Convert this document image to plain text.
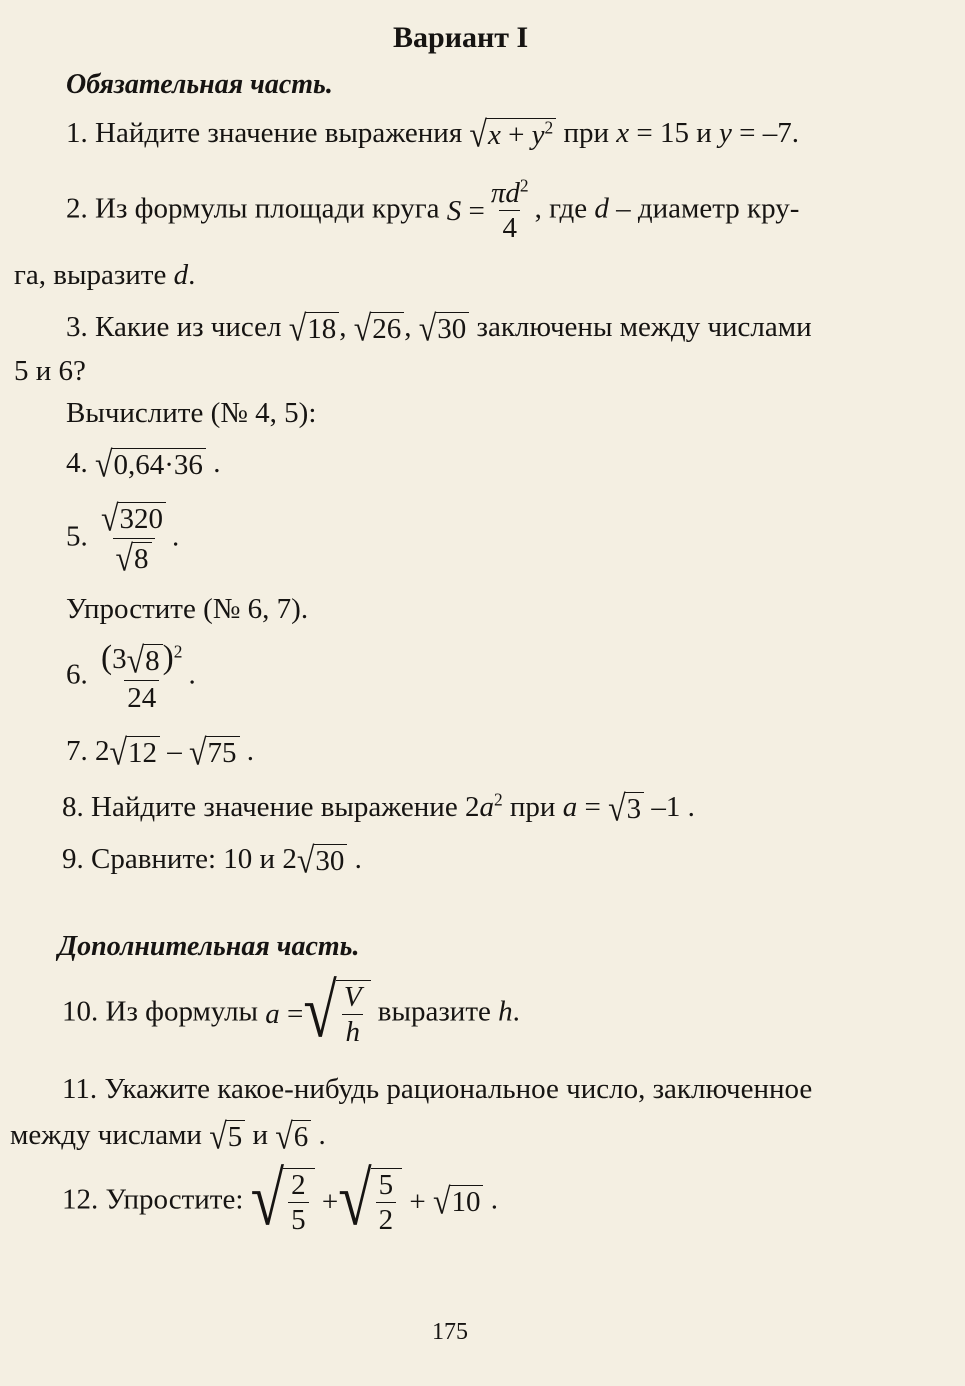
Вариант I
Обязательная часть.
1. Найдите значение выражения √ $x + y^2$ при x = 15 и y = –7.
2. Из формулы площади круга $S = \frac{\pi d^2}{4}$ , где d – диаметр кру-
га, выразите d.
3. Какие из чисел √ 18 , √ 26 , √ 30 заключены между числами
5 и 6?
Вычислите (№ 4, 5):
4. √ 0,64·36 .
5. $\frac{√ 320}{√ 8}$ .
Упростите (№ 6, 7).
6. $\frac{(3 √ 8 )^2}{24}$ .
7. 2 √ 12 – √ 75 .
8. Найдите значение выражение $2a^2$ при a = √ 3 –1 .
9. Сравните: 10 и 2 √ 30 .
Дополнительная часть.
10. Из формулы a = √ $\frac{V}{h}$ выразите h.
11. Укажите какое-нибудь рациональное число, заключенное
между числами √ 5 и √ 6 .
12. Упростите: √ $\frac{2}{5}$ + √ $\frac{5}{2}$ + √ 10 .
175
